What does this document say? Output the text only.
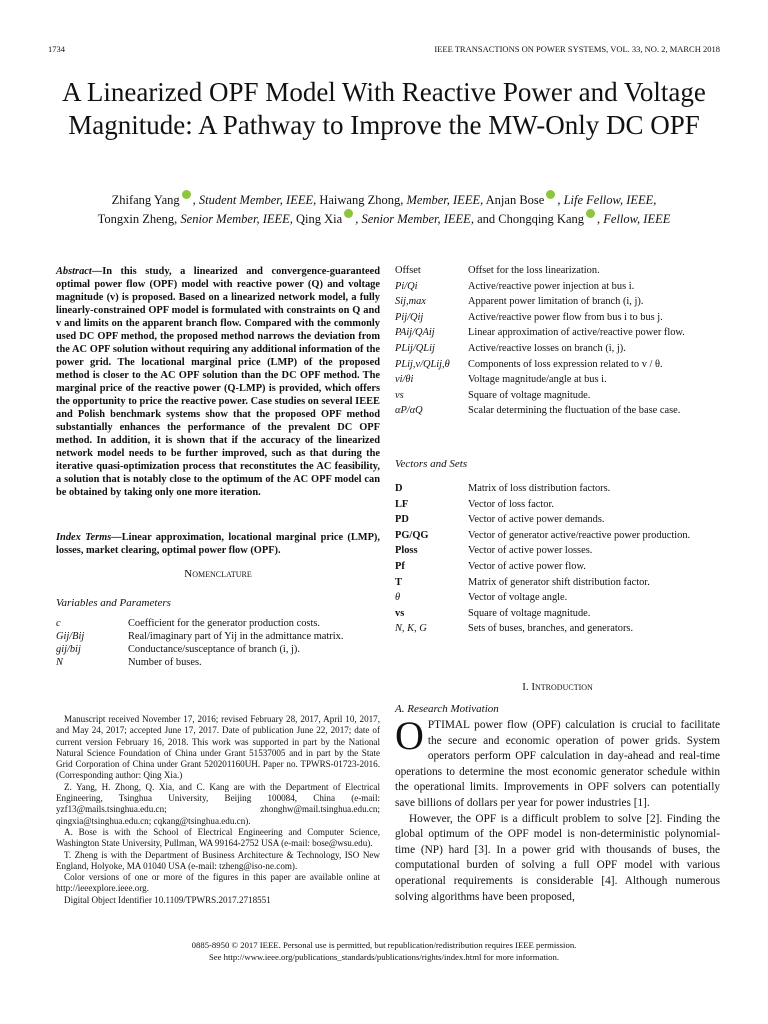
1734	IEEE TRANSACTIONS ON POWER SYSTEMS, VOL. 33, NO. 2, MARCH 2018
A Linearized OPF Model With Reactive Power and Voltage Magnitude: A Pathway to Improve the MW-Only DC OPF
Zhifang Yang , Student Member, IEEE, Haiwang Zhong, Member, IEEE, Anjan Bose , Life Fellow, IEEE,
Tongxin Zheng, Senior Member, IEEE, Qing Xia , Senior Member, IEEE, and Chongqing Kang , Fellow, IEEE
Abstract—In this study, a linearized and convergence-guaranteed optimal power flow (OPF) model with reactive power (Q) and voltage magnitude (v) is proposed. Based on a linearized network model, a fully linearly-constrained OPF model is formulated with constraints on Q and v and limits on the apparent branch flow. Compared with the commonly used DC OPF method, the proposed method narrows the deviation from the AC OPF solution without requiring any additional information of the power grid. The locational marginal price (LMP) of the proposed method is closer to the AC OPF solution than the DC OPF method. The marginal price of the reactive power (Q-LMP) is provided, which offers the opportunity to price the reactive power. Case studies on several IEEE and Polish benchmark systems show that the proposed OPF method substantially enhances the performance of the prevalent DC OPF method. In addition, it is shown that if the accuracy of the linearized network model needs to be further improved, such as that during the iterative quasi-optimization process that reconstitutes the AC feasibility, a solution that is notably close to the optimum of the AC OPF model can be obtained by taking only one more iteration.
Index Terms—Linear approximation, locational marginal price (LMP), losses, market clearing, optimal power flow (OPF).
Nomenclature
Variables and Parameters
c	Coefficient for the generator production costs.
Gij/Bij	Real/imaginary part of Yij in the admittance matrix.
gij/bij	Conductance/susceptance of branch (i, j).
N	Number of buses.

Manuscript received November 17, 2016; revised February 28, 2017, April 10, 2017, and May 24, 2017; accepted June 17, 2017. Date of publication June 22, 2017; date of current version February 16, 2018. This work was supported in part by the National Natural Science Foundation of China under Grant 51537005 and in part by the State Grid Corporation of China under Grant 520201160UH. Paper no. TPWRS-01723-2016. (Corresponding author: Qing Xia.)

Z. Yang, H. Zhong, Q. Xia, and C. Kang are with the Department of Electrical Engineering, Tsinghua University, Beijing 100084, China (e-mail: yzf13@mails.tsinghua.edu.cn; zhonghw@mail.tsinghua.edu.cn; qingxia@tsinghua.edu.cn; cqkang@tsinghua.edu.cn).

A. Bose is with the School of Electrical Engineering and Computer Science, Washington State University, Pullman, WA 99164-2752 USA (e-mail: bose@wsu.edu).

T. Zheng is with the Department of Business Architecture & Technology, ISO New England, Holyoke, MA 01040 USA (e-mail: tzheng@iso-ne.com).

Color versions of one or more of the figures in this paper are available online at http://ieeexplore.ieee.org.

Digital Object Identifier 10.1109/TPWRS.2017.2718551

Offset	Offset for the loss linearization.
Pi/Qi	Active/reactive power injection at bus i.
Sij,max	Apparent power limitation of branch (i, j).
Pij/Qij	Active/reactive power flow from bus i to bus j.
PAij/QAij	Linear approximation of active/reactive power flow.
PLij/QLij	Active/reactive losses on branch (i, j).
PLij,v/QLij,θ	Components of loss expression related to v / θ.
vi/θi	Voltage magnitude/angle at bus i.
vs	Square of voltage magnitude.
αP/αQ	Scalar determining the fluctuation of the base case.
Vectors and Sets
D	Matrix of loss distribution factors.
LF	Vector of loss factor.
PD	Vector of active power demands.
PG/QG	Vector of generator active/reactive power production.
Ploss	Vector of active power losses.
Pf	Vector of active power flow.
T	Matrix of generator shift distribution factor.
θ	Vector of voltage angle.
vs	Square of voltage magnitude.
N, K, G	Sets of buses, branches, and generators.
I. Introduction
A. Research Motivation

OPTIMAL power flow (OPF) calculation is crucial to facilitate the secure and economic operation of power grids. System operators perform OPF calculation in day-ahead and real-time operations to determine the most economic generator schedule within the operational limits. Improvements in OPF solvers can potentially save billions of dollars per year for power industries [1].

However, the OPF is a difficult problem to solve [2]. Finding the global optimum of the OPF model is non-deterministic polynomial-time (NP) hard [3]. In a power grid with thousands of buses, the computational burden of solving a full OPF model with various operational requirements is considerable [4]. Although numerous solving algorithms have been proposed,

0885-8950 © 2017 IEEE. Personal use is permitted, but republication/redistribution requires IEEE permission.
See http://www.ieee.org/publications_standards/publications/rights/index.html for more information.
